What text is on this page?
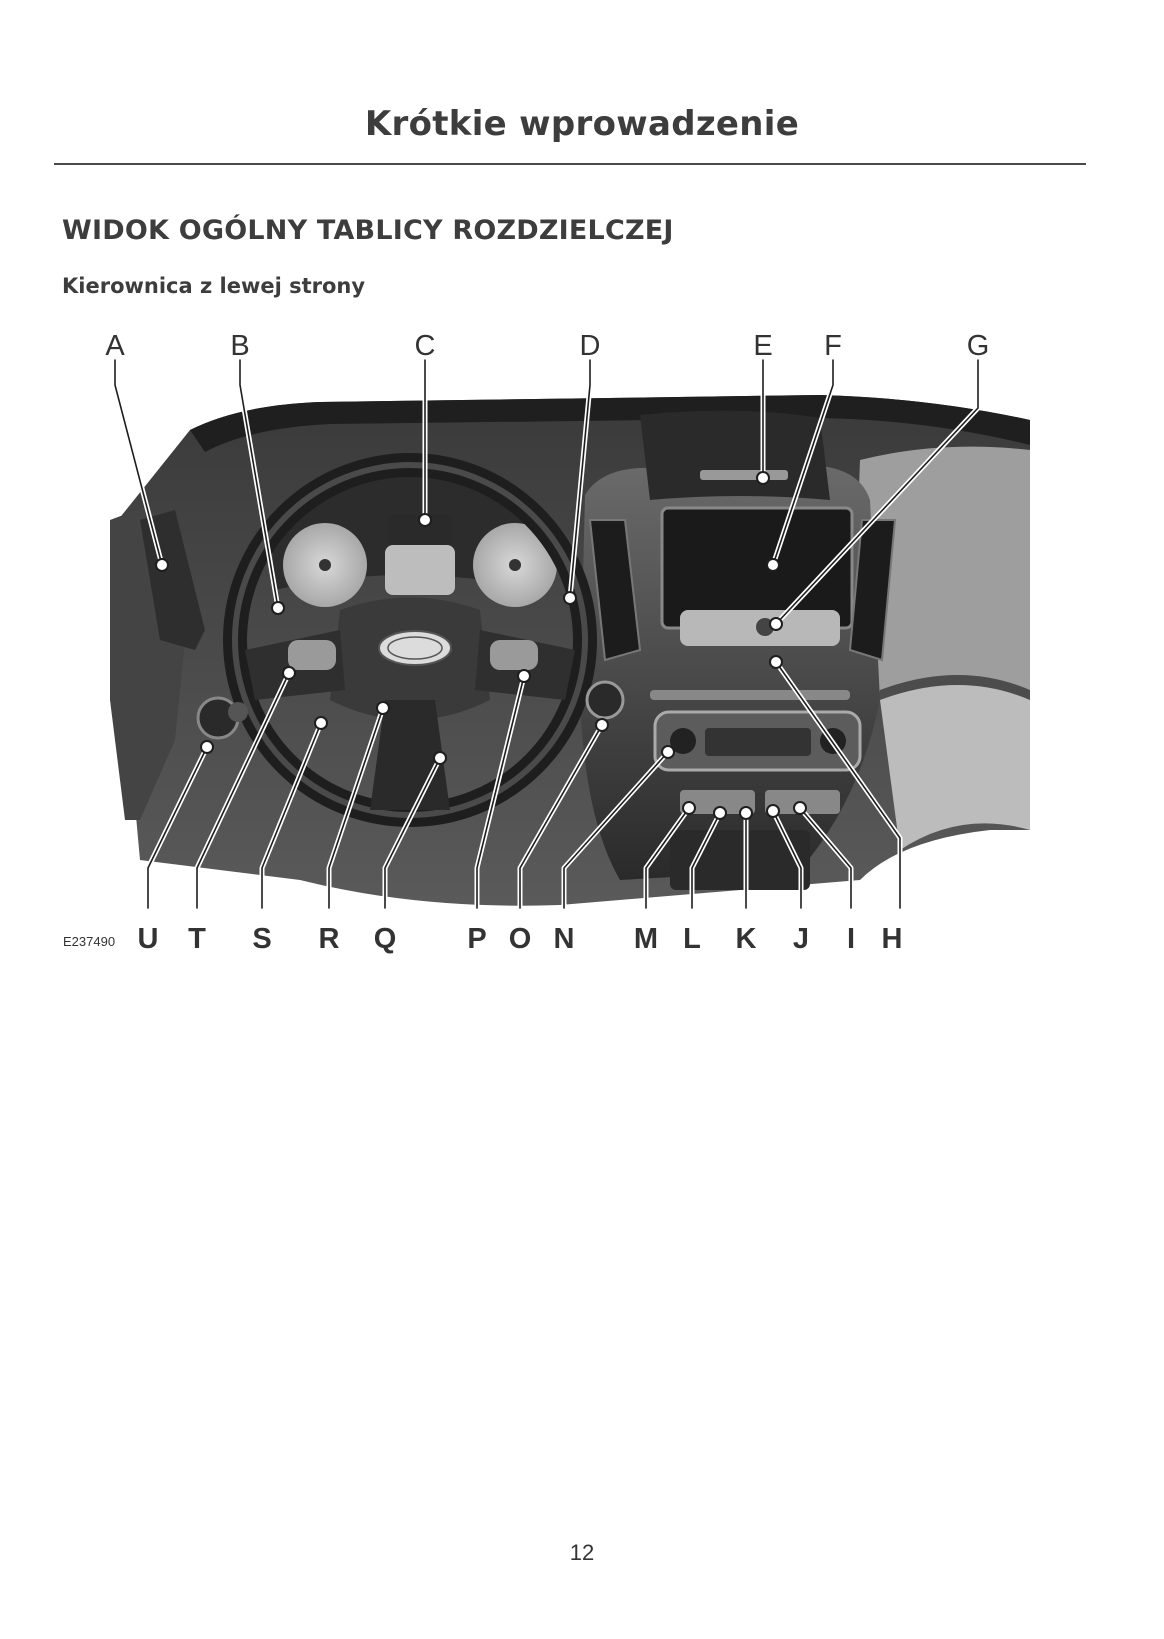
Krótkie wprowadzenie
WIDOK OGÓLNY TABLICY ROZDZIELCZEJ
Kierownica z lewej strony
A	B	C	D	E F	G
U T S R Q P O N M L K J I H
E237490
12
